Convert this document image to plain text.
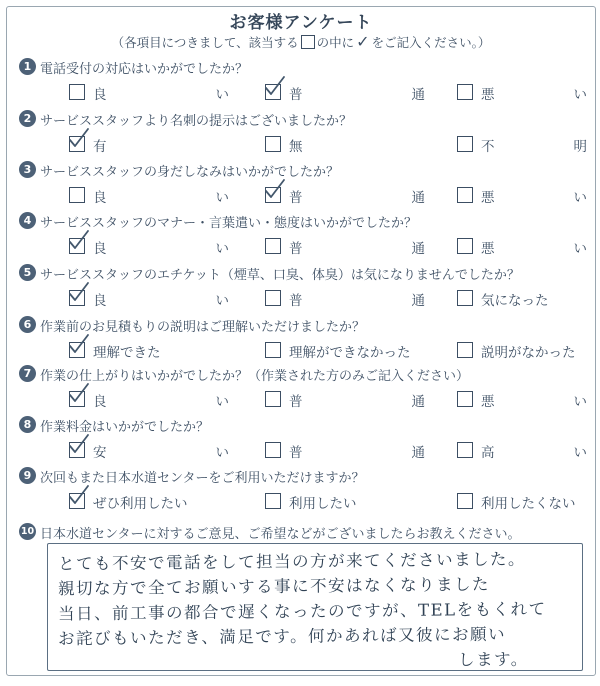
お客様アンケート
（各項目につきまして、該当する の中に ✓ をご記入ください。）
1 電話受付の対応はいかがでしたか？
良	い	普	通	悪	い
2 サービススタッフより名刺の提示はございましたか？
有	無	不	明
3 サービススタッフの身だしなみはいかがでしたか？
良	い	普	通	悪	い
4 サービススタッフのマナー・言葉遣い・態度はいかがでしたか？
良	い	普	通	悪	い
5 サービススタッフのエチケット（煙草、口臭、体臭）は気になりませんでしたか？
良	い	普	通	気になった
6 作業前のお見積もりの説明はご理解いただけましたか？
理解できた	理解ができなかった	説明がなかった
7 作業の仕上がりはいかがでしたか？（作業された方のみご記入ください）
良	い	普	通	悪	い
8 作業料金はいかがでしたか？
安	い	普	通	高	い
9 次回もまた日本水道センターをご利用いただけますか？
ぜひ利用したい	利用したい	利用したくない
10 日本水道センターに対するご意見、ご希望などがございましたらお教えください。
とても不安で電話をして担当の方が来てくださいました。
親切な方で全てお願いする事に不安はなくなりました
当日、前工事の都合で遅くなったのですが、TELをもくれて
お詫びもいただき、満足です。何かあれば又彼にお願い
します。
